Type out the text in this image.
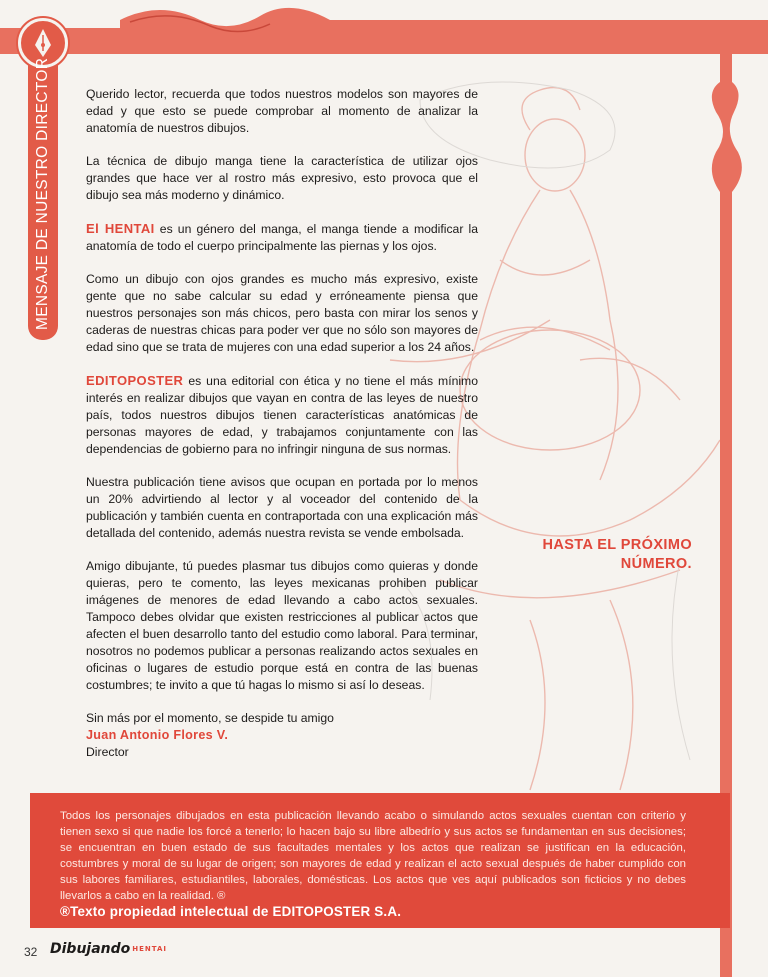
MENSAJE DE NUESTRO DIRECTOR	Querido lector, recuerda que todos nuestros modelos son mayores de edad y que esto se puede comprobar al momento de analizar la anatomía de nuestros dibujos.

La técnica de dibujo manga tiene la característica de utilizar ojos grandes que hace ver al rostro más expresivo, esto provoca que el dibujo sea más moderno y dinámico.

El HENTAI es un género del manga, el manga tiende a modificar la anatomía de todo el cuerpo principalmente las piernas y los ojos.

Como un dibujo con ojos grandes es mucho más expresivo, existe gente que no sabe calcular su edad y erróneamente piensa que nuestros personajes son más chicos, pero basta con mirar los senos y caderas de nuestras chicas para poder ver que no sólo son mayores de edad sino que se trata de mujeres con una edad superior a los 24 años.

EDITOPOSTER es una editorial con ética y no tiene el más mínimo interés en realizar dibujos que vayan en contra de las leyes de nuestro país, todos nuestros dibujos tienen características anatómicas de personas mayores de edad, y trabajamos conjuntamente con las dependencias de gobierno para no infringir ninguna de sus normas.

Nuestra publicación tiene avisos que ocupan en portada por lo menos un 20% advirtiendo al lector y al voceador del contenido de la publicación y también cuenta en contraportada con una explicación más detallada del contenido, además nuestra revista se vende embolsada.

Amigo dibujante, tú puedes plasmar tus dibujos como quieras y donde quieras, pero te comento, las leyes mexicanas prohiben publicar imágenes de menores de edad llevando a cabo actos sexuales. Tampoco debes olvidar que existen restricciones al publicar actos que afecten el buen desarrollo tanto del estudio como laboral. Para terminar, nosotros no podemos publicar a personas realizando actos sexuales en oficinas o lugares de estudio porque está en contra de las buenas costumbres; te invito a que tú hagas lo mismo si así lo deseas.

Sin más por el momento, se despide tu amigo

Juan Antonio Flores V.

Director

HASTA EL PRÓXIMO
NÚMERO.
Todos los personajes dibujados en esta publicación llevando acabo o simulando actos sexuales cuentan con criterio y tienen sexo si que nadie los forcé a tenerlo; lo hacen bajo su libre albedrío y sus actos se fundamentan en sus decisiones; se encuentran en buen estado de sus facultades mentales y los actos que realizan se justifican en la educación, costumbres y moral de su lugar de origen; son mayores de edad y realizan el acto sexual después de haber cumplido con sus labores familiares, estudiantiles, laborales, domésticas. Los actos que ves aquí publicados son ficticios y no debes llevarlos a cabo en la realidad. ®
®Texto propiedad intelectual de EDITOPOSTER S.A.
32 Dibujando HENTAI
